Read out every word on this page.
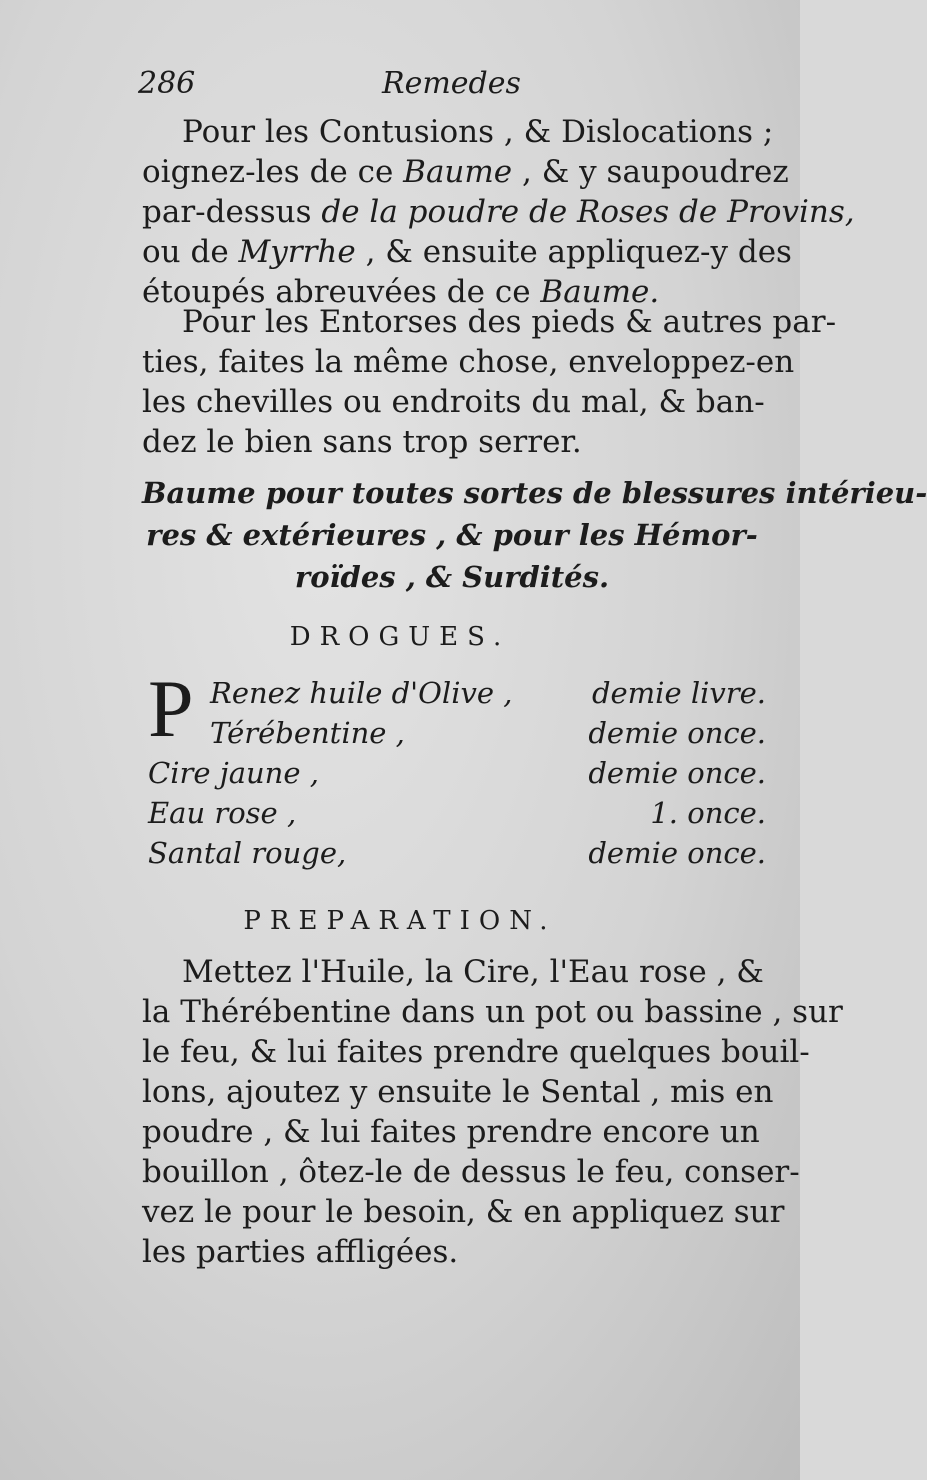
286	Remedes
Pour les Contusions , & Dislocations ;
oignez-les de ce Baume , & y saupoudrez
par-dessus de la poudre de Roses de Provins,
ou de Myrrhe , & ensuite appliquez-y des
étoupés abreuvées de ce Baume.
Pour les Entorses des pieds & autres par-
ties, faites la même chose, enveloppez-en
les chevilles ou endroits du mal, & ban-
dez le bien sans trop serrer.
Baume pour toutes sortes de blessures intérieu-
res & extérieures , & pour les Hémor-
roïdes , & Surdités.
DROGUES.
P Renez huile d'Olive ,	demie livre.
Térébentine ,	demie once.
Cire jaune ,	demie once.
Eau rose ,	1. once.
Santal rouge,	demie once.
PREPARATION.
Mettez l'Huile, la Cire, l'Eau rose , &
la Thérébentine dans un pot ou bassine , sur
le feu, & lui faites prendre quelques bouil-
lons, ajoutez y ensuite le Sental , mis en
poudre , & lui faites prendre encore un
bouillon , ôtez-le de dessus le feu, conser-
vez le pour le besoin, & en appliquez sur
les parties affligées.
